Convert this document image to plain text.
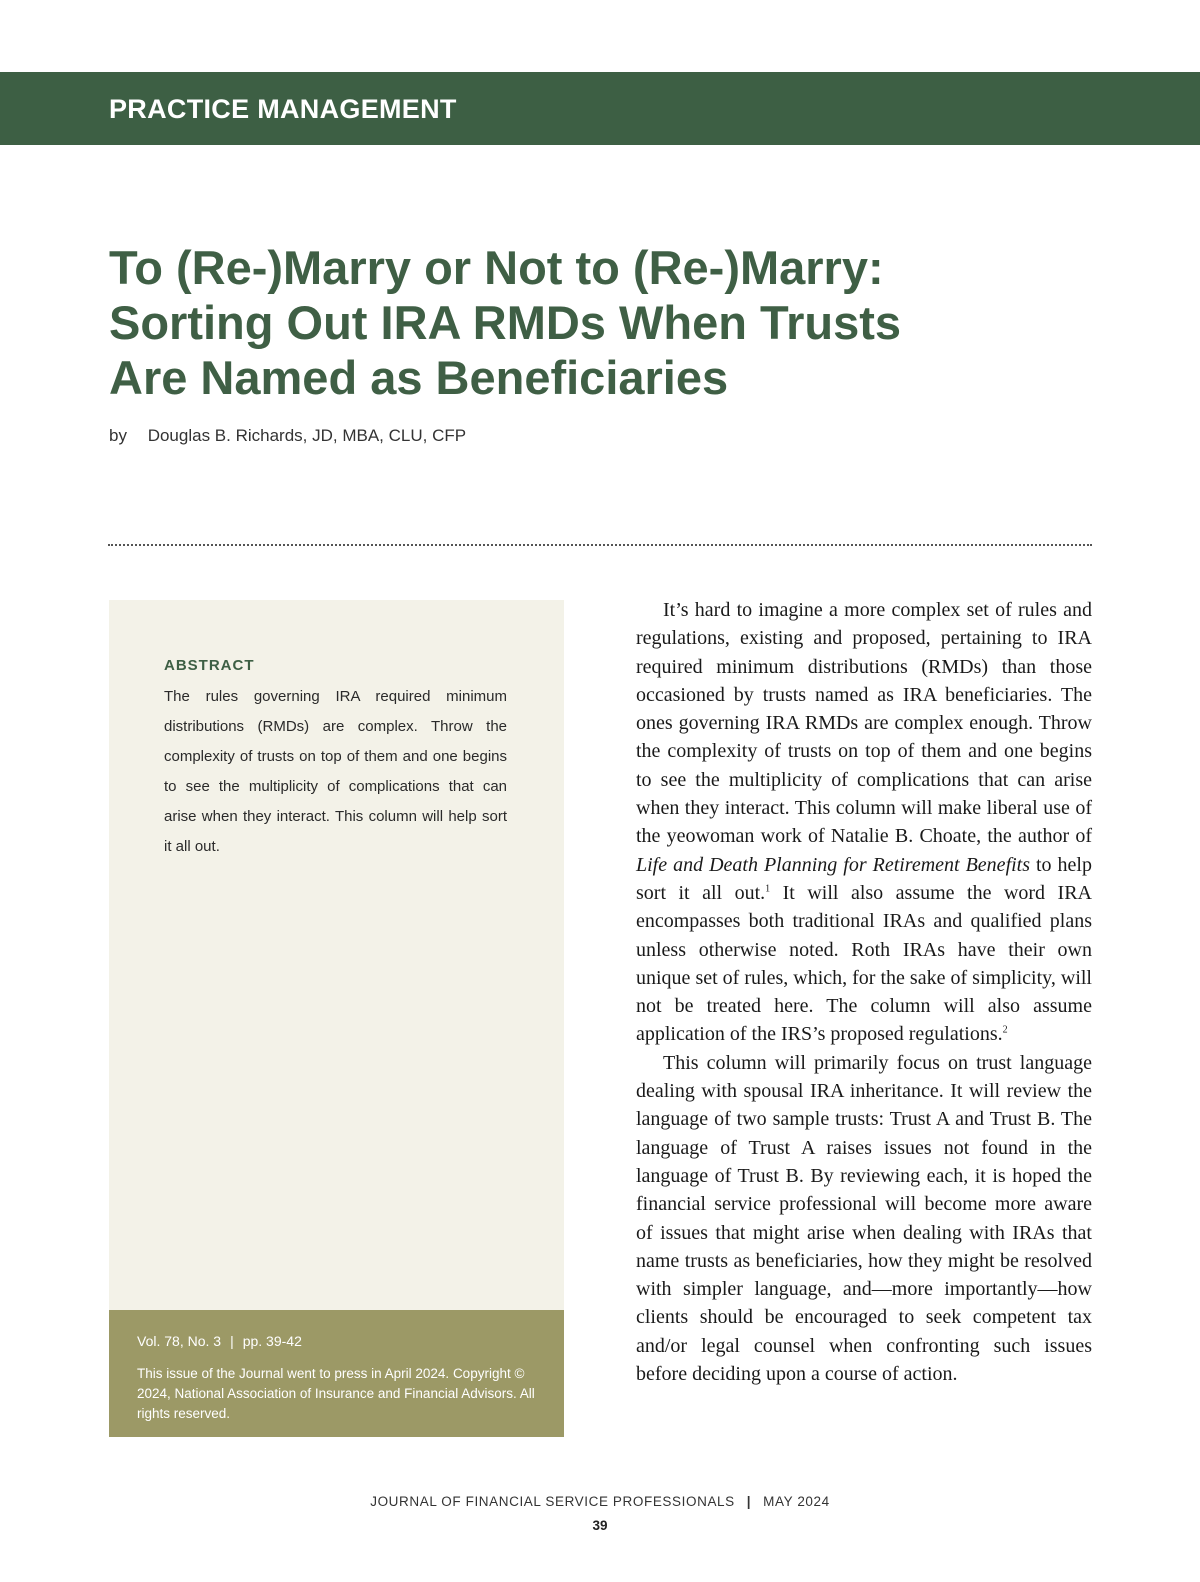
PRACTICE MANAGEMENT
To (Re-)Marry or Not to (Re-)Marry:
Sorting Out IRA RMDs When Trusts
Are Named as Beneficiaries
by Douglas B. Richards, JD, MBA, CLU, CFP
ABSTRACT

The rules governing IRA required minimum distributions (RMDs) are complex. Throw the complexity of trusts on top of them and one begins to see the multiplicity of complications that can arise when they interact. This column will help sort it all out.

Vol. 78, No. 3 | pp. 39-42

This issue of the Journal went to press in April 2024. Copyright © 2024, National Association of Insurance and Financial Advisors. All rights reserved.

It’s hard to imagine a more complex set of rules and regulations, existing and proposed, pertaining to IRA required minimum distributions (RMDs) than those occasioned by trusts named as IRA beneficiaries. The ones governing IRA RMDs are complex enough. Throw the complexity of trusts on top of them and one begins to see the multiplicity of complications that can arise when they interact. This column will make liberal use of the yeowoman work of Natalie B. Choate, the author of Life and Death Planning for Retirement Benefits to help sort it all out.$^1$ It will also assume the word IRA encompasses both traditional IRAs and qualified plans unless otherwise noted. Roth IRAs have their own unique set of rules, which, for the sake of simplicity, will not be treated here. The column will also assume application of the IRS’s proposed regulations.$^2$

This column will primarily focus on trust language dealing with spousal IRA inheritance. It will review the language of two sample trusts: Trust A and Trust B. The language of Trust A raises issues not found in the language of Trust B. By reviewing each, it is hoped the financial service professional will become more aware of issues that might arise when dealing with IRAs that name trusts as beneficiaries, how they might be resolved with simpler language, and—more importantly—how clients should be encouraged to seek competent tax and/or legal counsel when confronting such issues before deciding upon a course of action.

JOURNAL OF FINANCIAL SERVICE PROFESSIONALS | MAY 2024
39
